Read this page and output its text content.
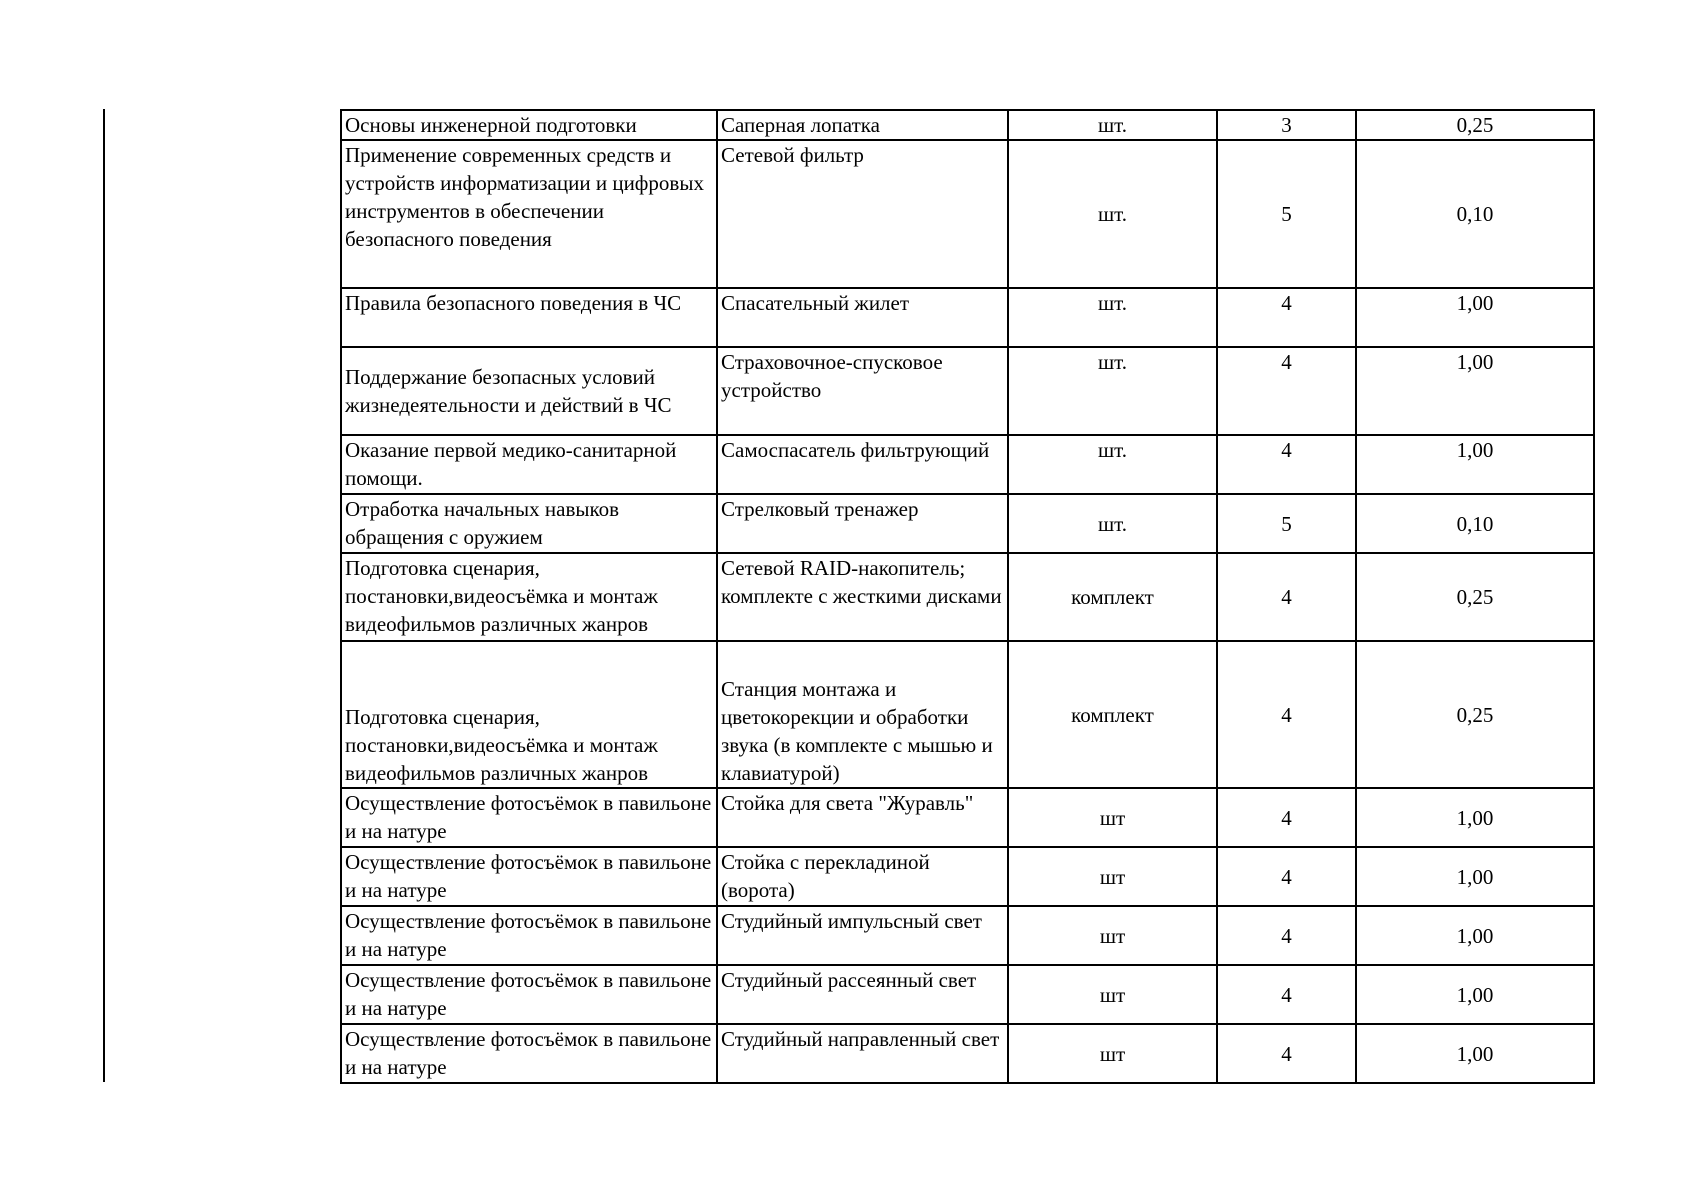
Основы инженерной подготовки	Саперная лопатка	шт.	3	0,25
Применение современных средств и устройств информатизации и цифровых инструментов в обеспечении безопасного поведения	Сетевой фильтр	шт.	5	0,10
Правила безопасного поведения в ЧС	Спасательный жилет	шт.	4	1,00
Поддержание безопасных условий жизнедеятельности и действий в ЧС	Страховочное-спусковое устройство	шт.	4	1,00
Оказание первой медико-санитарной помощи.	Самоспасатель фильтрующий	шт.	4	1,00
Отработка начальных навыков обращения с оружием	Стрелковый тренажер	шт.	5	0,10
Подготовка сценария, постановки,видеосъёмка и монтаж видеофильмов различных жанров	Сетевой RAID-накопитель; комплекте с жесткими дисками	комплект	4	0,25
Подготовка сценария, постановки,видеосъёмка и монтаж видеофильмов различных жанров	Станция монтажа и цветокорекции и обработки звука (в комплекте с мышью и клавиатурой)	комплект	4	0,25
Осуществление фотосъёмок в павильоне и на натуре	Стойка для света "Журавль"	шт	4	1,00
Осуществление фотосъёмок в павильоне и на натуре	Стойка с перекладиной (ворота)	шт	4	1,00
Осуществление фотосъёмок в павильоне и на натуре	Студийный импульсный свет	шт	4	1,00
Осуществление фотосъёмок в павильоне и на натуре	Студийный рассеянный свет	шт	4	1,00
Осуществление фотосъёмок в павильоне и на натуре	Студийный направленный свет	шт	4	1,00
